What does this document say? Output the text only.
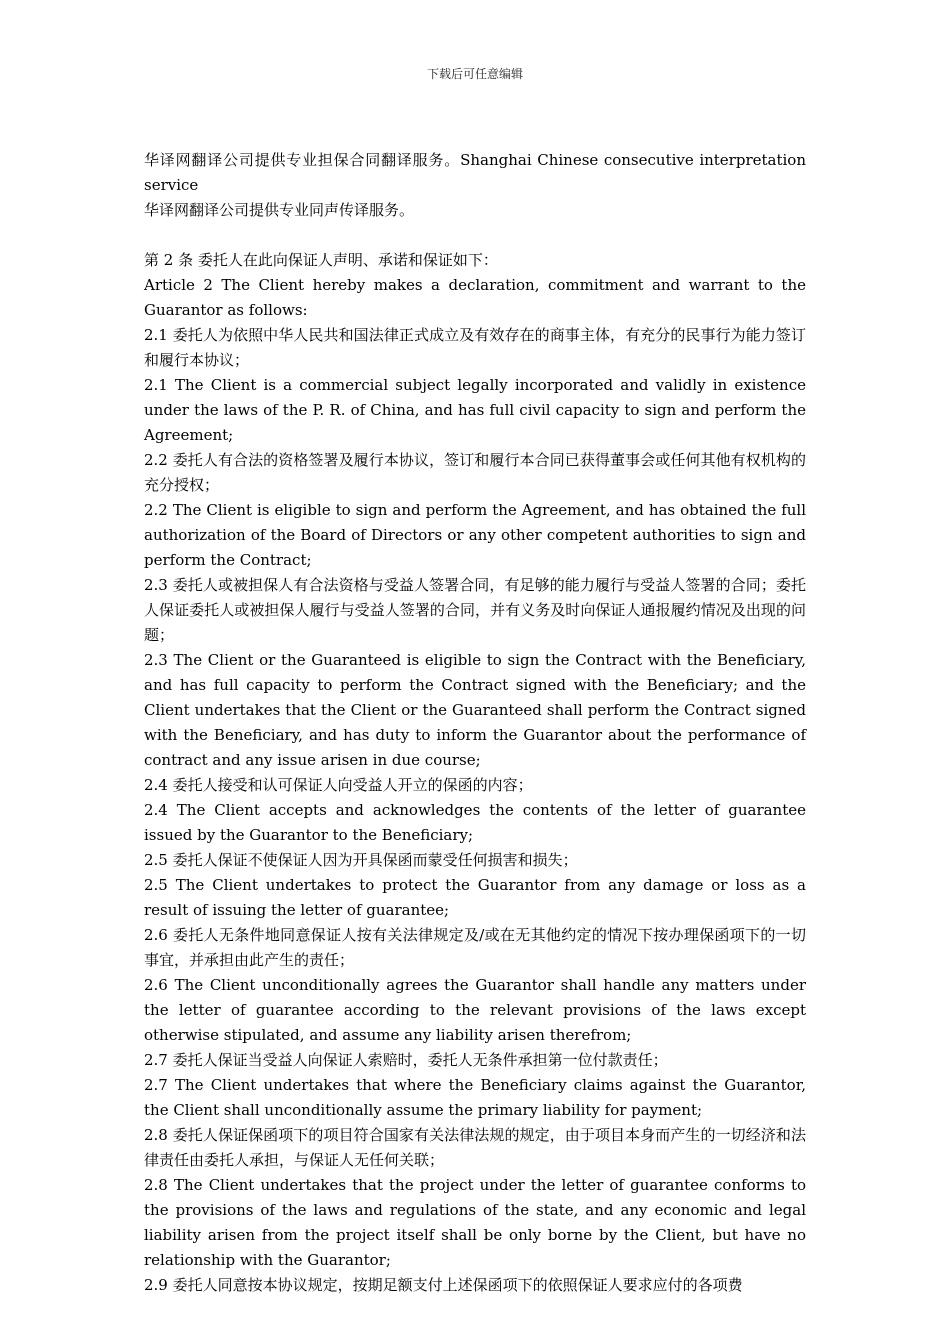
下载后可任意编辑

华译网翻译公司提供专业担保合同翻译服务。Shanghai Chinese consecutive interpretation service

华译网翻译公司提供专业同声传译服务。

第 2 条 委托人在此向保证人声明、承诺和保证如下：

Article 2 The Client hereby makes a declaration, commitment and warrant to the Guarantor as follows:

2.1 委托人为依照中华人民共和国法律正式成立及有效存在的商事主体，有充分的民事行为能力签订和履行本协议；

2.1 The Client is a commercial subject legally incorporated and validly in existence under the laws of the P. R. of China, and has full civil capacity to sign and perform the Agreement;

2.2 委托人有合法的资格签署及履行本协议，签订和履行本合同已获得董事会或任何其他有权机构的充分授权；

2.2 The Client is eligible to sign and perform the Agreement, and has obtained the full authorization of the Board of Directors or any other competent authorities to sign and perform the Contract;

2.3 委托人或被担保人有合法资格与受益人签署合同，有足够的能力履行与受益人签署的合同；委托人保证委托人或被担保人履行与受益人签署的合同，并有义务及时向保证人通报履约情况及出现的问题；

2.3 The Client or the Guaranteed is eligible to sign the Contract with the Beneficiary, and has full capacity to perform the Contract signed with the Beneficiary; and the Client undertakes that the Client or the Guaranteed shall perform the Contract signed with the Beneficiary, and has duty to inform the Guarantor about the performance of contract and any issue arisen in due course;

2.4 委托人接受和认可保证人向受益人开立的保函的内容；

2.4 The Client accepts and acknowledges the contents of the letter of guarantee issued by the Guarantor to the Beneficiary;

2.5 委托人保证不使保证人因为开具保函而蒙受任何损害和损失；

2.5 The Client undertakes to protect the Guarantor from any damage or loss as a result of issuing the letter of guarantee;

2.6 委托人无条件地同意保证人按有关法律规定及/或在无其他约定的情况下按办理保函项下的一切事宜，并承担由此产生的责任；

2.6 The Client unconditionally agrees the Guarantor shall handle any matters under the letter of guarantee according to the relevant provisions of the laws except otherwise stipulated, and assume any liability arisen therefrom;

2.7 委托人保证当受益人向保证人索赔时，委托人无条件承担第一位付款责任；

2.7 The Client undertakes that where the Beneficiary claims against the Guarantor, the Client shall unconditionally assume the primary liability for payment;

2.8 委托人保证保函项下的项目符合国家有关法律法规的规定，由于项目本身而产生的一切经济和法律责任由委托人承担，与保证人无任何关联；

2.8 The Client undertakes that the project under the letter of guarantee conforms to the provisions of the laws and regulations of the state, and any economic and legal liability arisen from the project itself shall be only borne by the Client, but have no relationship with the Guarantor;

2.9 委托人同意按本协议规定，按期足额支付上述保函项下的依照保证人要求应付的各项费
